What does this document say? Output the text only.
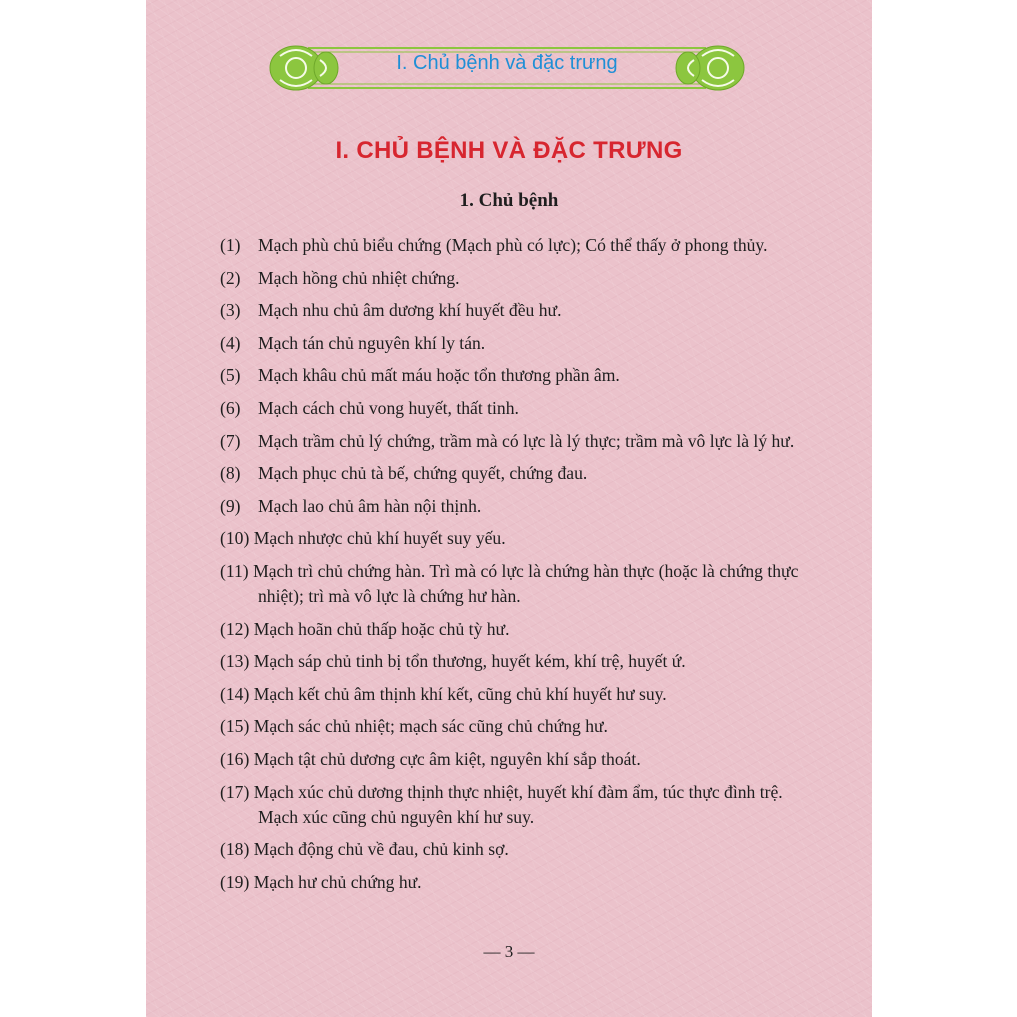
I. Chủ bệnh và đặc trưng
I. CHỦ BỆNH VÀ ĐẶC TRƯNG
1. Chủ bệnh
(1) Mạch phù chủ biểu chứng (Mạch phù có lực); Có thể thấy ở phong thủy.
(2) Mạch hồng chủ nhiệt chứng.
(3) Mạch nhu chủ âm dương khí huyết đều hư.
(4) Mạch tán chủ nguyên khí ly tán.
(5) Mạch khâu chủ mất máu hoặc tổn thương phần âm.
(6) Mạch cách chủ vong huyết, thất tinh.
(7) Mạch trầm chủ lý chứng, trầm mà có lực là lý thực; trầm mà vô lực là lý hư.
(8) Mạch phục chủ tà bế, chứng quyết, chứng đau.
(9) Mạch lao chủ âm hàn nội thịnh.
(10) Mạch nhược chủ khí huyết suy yếu.
(11) Mạch trì chủ chứng hàn. Trì mà có lực là chứng hàn thực (hoặc là chứng thực nhiệt); trì mà vô lực là chứng hư hàn.
(12) Mạch hoãn chủ thấp hoặc chủ tỳ hư.
(13) Mạch sáp chủ tinh bị tổn thương, huyết kém, khí trệ, huyết ứ.
(14) Mạch kết chủ âm thịnh khí kết, cũng chủ khí huyết hư suy.
(15) Mạch sác chủ nhiệt; mạch sác cũng chủ chứng hư.
(16) Mạch tật chủ dương cực âm kiệt, nguyên khí sắp thoát.
(17) Mạch xúc chủ dương thịnh thực nhiệt, huyết khí đàm ẩm, túc thực đình trệ. Mạch xúc cũng chủ nguyên khí hư suy.
(18) Mạch động chủ về đau, chủ kinh sợ.
(19) Mạch hư chủ chứng hư.
— 3 —
